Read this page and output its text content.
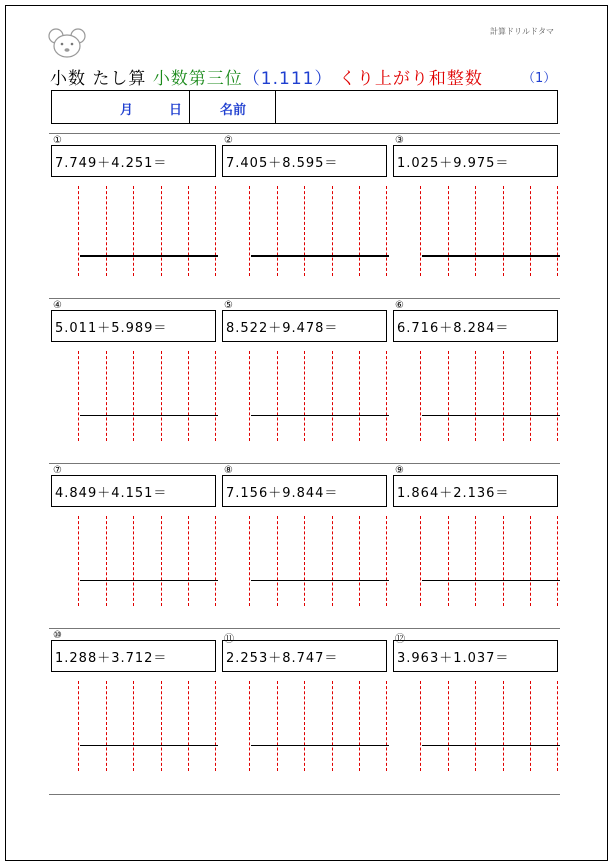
計算ドリルドタマ
小数 たし算 小数第三位（1.111） くり上がり和整数	（1）
月	日	名前
①
7.749＋4.251＝
②
7.405＋8.595＝
③
1.025＋9.975＝
④
5.011＋5.989＝
⑤
8.522＋9.478＝
⑥
6.716＋8.284＝
⑦
4.849＋4.151＝
⑧
7.156＋9.844＝
⑨
1.864＋2.136＝
⑩
1.288＋3.712＝
⑪
2.253＋8.747＝
⑫
3.963＋1.037＝
